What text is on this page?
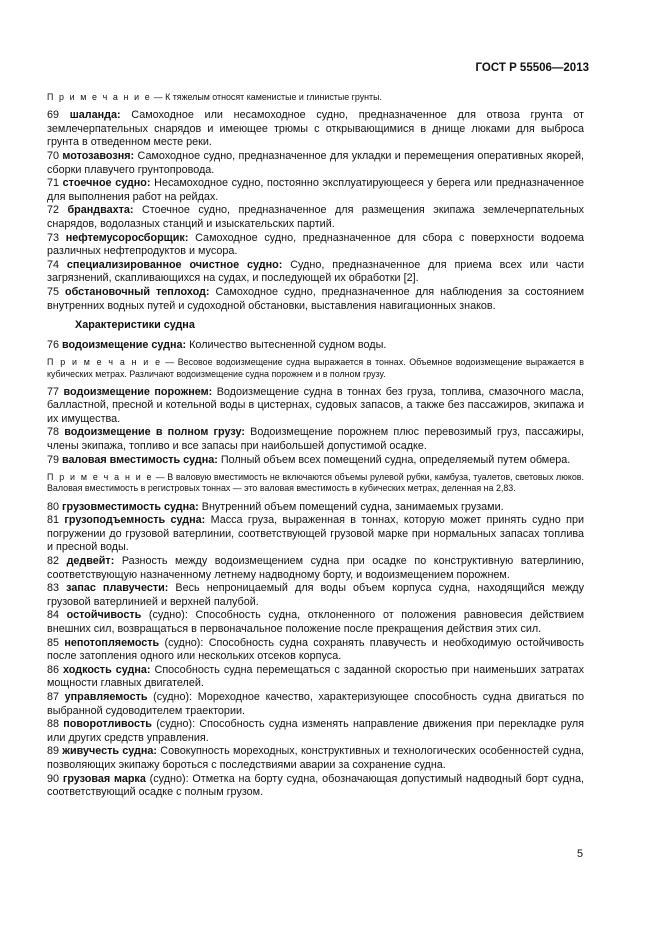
ГОСТ Р 55506—2013

П р и м е ч а н и е — К тяжелым относят каменистые и глинистые грунты.

69 шаланда: Самоходное или несамоходное судно, предназначенное для отвоза грунта от землечерпательных снарядов и имеющее трюмы с открывающимися в днище люками для выброса грунта в отведенном месте реки.

70 мотозавозня: Самоходное судно, предназначенное для укладки и перемещения оперативных якорей, сборки плавучего грунтопровода.

71 стоечное судно: Несамоходное судно, постоянно эксплуатирующееся у берега или предназначенное для выполнения работ на рейдах.

72 брандвахта: Стоечное судно, предназначенное для размещения экипажа землечерпательных снарядов, водолазных станций и изыскательских партий.

73 нефтемусоросборщик: Самоходное судно, предназначенное для сбора с поверхности водоема различных нефтепродуктов и мусора.

74 специализированное очистное судно: Судно, предназначенное для приема всех или части загрязнений, скапливающихся на судах, и последующей их обработки [2].

75 обстановочный теплоход: Самоходное судно, предназначенное для наблюдения за состоянием внутренних водных путей и судоходной обстановки, выставления навигационных знаков.

Характеристики судна

76 водоизмещение судна: Количество вытесненной судном воды.

П р и м е ч а н и е — Весовое водоизмещение судна выражается в тоннах. Объемное водоизмещение выражается в кубических метрах. Различают водоизмещение судна порожнем и в полном грузу.

77 водоизмещение порожнем: Водоизмещение судна в тоннах без груза, топлива, смазочного масла, балластной, пресной и котельной воды в цистернах, судовых запасов, а также без пассажиров, экипажа и их имущества.

78 водоизмещение в полном грузу: Водоизмещение порожнем плюс перевозимый груз, пассажиры, члены экипажа, топливо и все запасы при наибольшей допустимой осадке.

79 валовая вместимость судна: Полный объем всех помещений судна, определяемый путем обмера.

П р и м е ч а н и е — В валовую вместимость не включаются объемы рулевой рубки, камбуза, туалетов, световых люков. Валовая вместимость в регистровых тоннах — это валовая вместимость в кубических метрах, деленная на 2,83.

80 грузовместимость судна: Внутренний объем помещений судна, занимаемых грузами.

81 грузоподъемность судна: Масса груза, выраженная в тоннах, которую может принять судно при погружении до грузовой ватерлинии, соответствующей грузовой марке при нормальных запасах топлива и пресной воды.

82 дедвейт: Разность между водоизмещением судна при осадке по конструктивную ватерлинию, соответствующую назначенному летнему надводному борту, и водоизмещением порожнем.

83 запас плавучести: Весь непроницаемый для воды объем корпуса судна, находящийся между грузовой ватерлинией и верхней палубой.

84 остойчивость (судно): Способность судна, отклоненного от положения равновесия действием внешних сил, возвращаться в первоначальное положение после прекращения действия этих сил.

85 непотопляемость (судно): Способность судна сохранять плавучесть и необходимую остойчивость после затопления одного или нескольких отсеков корпуса.

86 ходкость судна: Способность судна перемещаться с заданной скоростью при наименьших затратах мощности главных двигателей.

87 управляемость (судно): Мореходное качество, характеризующее способность судна двигаться по выбранной судоводителем траектории.

88 поворотливость (судно): Способность судна изменять направление движения при перекладке руля или других средств управления.

89 живучесть судна: Совокупность мореходных, конструктивных и технологических особенностей судна, позволяющих экипажу бороться с последствиями аварии за сохранение судна.

90 грузовая марка (судно): Отметка на борту судна, обозначающая допустимый надводный борт судна, соответствующий осадке с полным грузом.

5
